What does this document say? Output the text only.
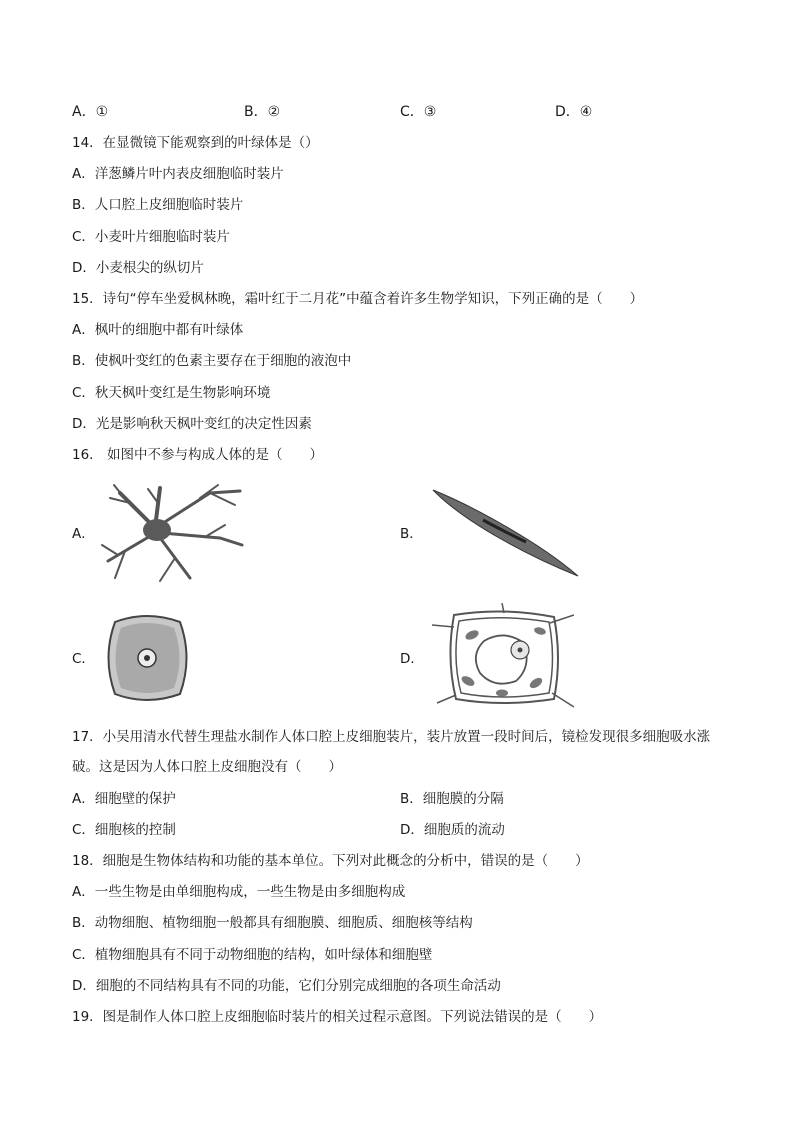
A．①	B．②	C．③	D．④
14．在显微镜下能观察到的叶绿体是（）
A．洋葱鳞片叶内表皮细胞临时装片
B．人口腔上皮细胞临时装片
C．小麦叶片细胞临时装片
D．小麦根尖的纵切片
15．诗句“停车坐爱枫林晚，霜叶红于二月花”中蕴含着许多生物学知识，下列正确的是（　　）
A．枫叶的细胞中都有叶绿体
B．使枫叶变红的色素主要存在于细胞的液泡中
C．秋天枫叶变红是生物影响环境
D．光是影响秋天枫叶变红的决定性因素
16． 如图中不参与构成人体的是（　　）
A．	B．
C．	D．
17．小吴用清水代替生理盐水制作人体口腔上皮细胞装片，装片放置一段时间后，镜检发现很多细胞吸水涨破。这是因为人体口腔上皮细胞没有（　　）
A．细胞壁的保护	B．细胞膜的分隔
C．细胞核的控制	D．细胞质的流动
18．细胞是生物体结构和功能的基本单位。下列对此概念的分析中，错误的是（　　）
A．一些生物是由单细胞构成，一些生物是由多细胞构成
B．动物细胞、植物细胞一般都具有细胞膜、细胞质、细胞核等结构
C．植物细胞具有不同于动物细胞的结构，如叶绿体和细胞壁
D．细胞的不同结构具有不同的功能，它们分别完成细胞的各项生命活动
19．图是制作人体口腔上皮细胞临时装片的相关过程示意图。下列说法错误的是（　　）
